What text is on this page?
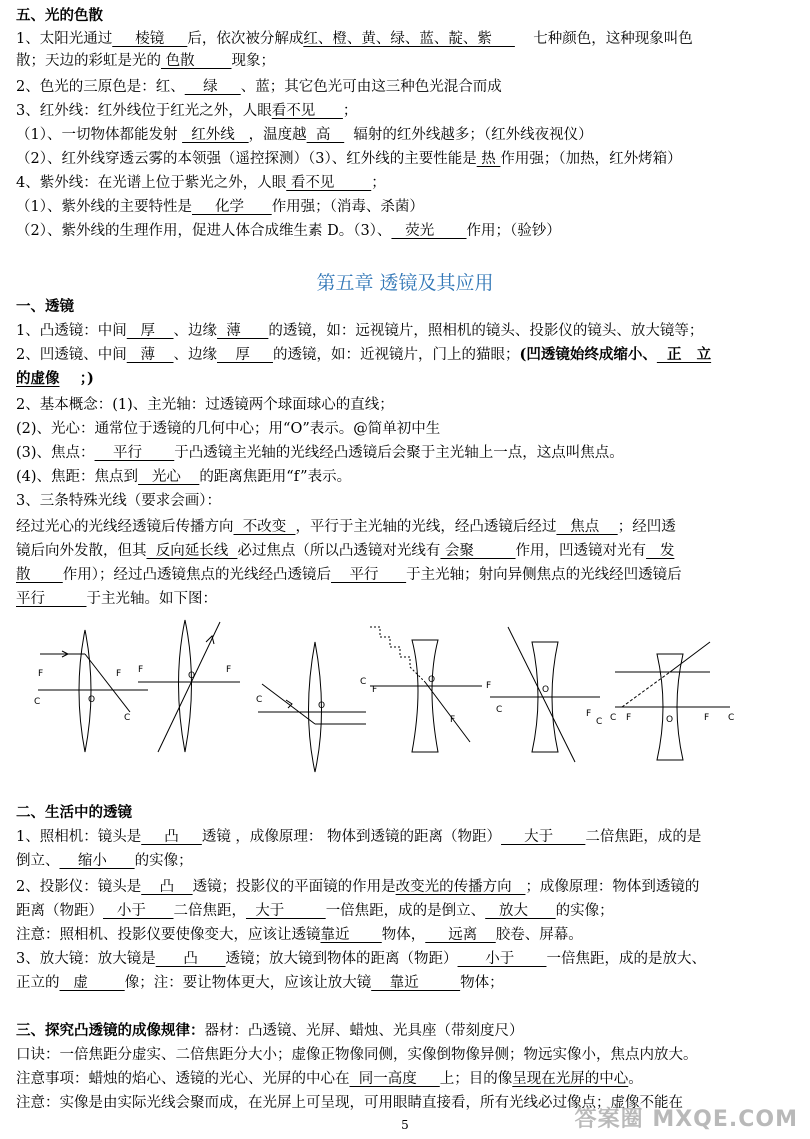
五、光的色散
1、太阳光通过     棱镜     后，依次被分解成红、橙、黄、绿、蓝、靛、紫         七种颜色，这种现象叫色
散；天边的彩虹是光的 色散        现象；
2、色光的三原色是：红、    绿     、蓝；其它色光可由这三种色光混合而成
3、红外线：红外线位于红光之外，人眼看不见      ；
（1）、一切物体都能发射   红外线   ，温度越  高     辐射的红外线越多；（红外线夜视仪）
（2）、红外线穿透云雾的本领强（遥控探测）（3）、红外线的主要性能是 热 作用强；（加热，红外烤箱）
4、紫外线：在光谱上位于紫光之外，人眼 看不见        ；
（1）、紫外线的主要特性是     化学      作用强；（消毒、杀菌）
（2）、紫外线的生理作用，促进人体合成维生素 D。（3）、   荧光       作用；（验钞）
一、透镜
1、凸透镜：中间   厚    、边缘  薄      的透镜，如：远视镜片，照相机的镜头、投影仪的镜头、放大镜等；
2、凹透镜、中间   薄    、边缘    厚     的透镜，如：近视镜片，门上的猫眼；(凹透镜始终成缩小、  正   立
的虚像    ；)
2、基本概念：(1)、主光轴：过透镜两个球面球心的直线；
(2)、光心：通常位于透镜的几何中心；用“O”表示。@简单初中生
(3)、焦点：    平行       于凸透镜主光轴的光线经凸透镜后会聚于主光轴上一点，这点叫焦点。
(4)、焦距：焦点到   光心    的距离焦距用“f”表示。
3、三条特殊光线（要求会画）：
经过光心的光线经透镜后传播方向  不改变  ，平行于主光轴的光线，经凸透镜后经过   焦点    ；经凹透
镜后向外发散，但其  反向延长线  必过焦点（所以凸透镜对光线有 会聚         作用，凹透镜对光有   发
散       作用）；经过凸透镜焦点的光线经凸透镜后    平行      于主光轴；射向异侧焦点的光线经凹透镜后
平行         于主光轴。如下图：
二、生活中的透镜
1、照相机：镜头是     凸     透镜 ，成像原理： 物体到透镜的距离（物距）     大于       二倍焦距，成的是
倒立、    缩小      的实像；
2、投影仪：镜头是    凸    透镜；投影仪的平面镜的作用是改变光的传播方向   ；成像原理：物体到透镜的
距离（物距）   小于      二倍焦距，  大于         一倍焦距，成的是倒立、   放大      的实像；
注意：照相机、投影仪要使像变大，应该让透镜靠近       物体，     远离    胶卷、屏幕。
3、放大镜：放大镜是      凸      透镜；放大镜到物体的距离（物距）      小于       一倍焦距，成的是放大、
正立的   虚        像；注：要让物体更大，应该让放大镜    靠近         物体；
三、探究凸透镜的成像规律：器材：凸透镜、光屏、蜡烛、光具座（带刻度尺）
口诀：一倍焦距分虚实、二倍焦距分大小；虚像正物像同侧，实像倒物像异侧；物远实像小，焦点内放大。
注意事项：蜡烛的焰心、透镜的光心、光屏的中心在  同一高度     上；目的像呈现在光屏的中心。
注意：实像是由实际光线会聚而成，在光屏上可呈现，可用眼睛直接看，所有光线必过像点；虚像不能在
第五章 透镜及其应用
F
C	O
F
C
F
O
F
C
O
C
F
O
F
F
C
O
F
C C F	O	F C
5	答案圈 MXQE.COM
